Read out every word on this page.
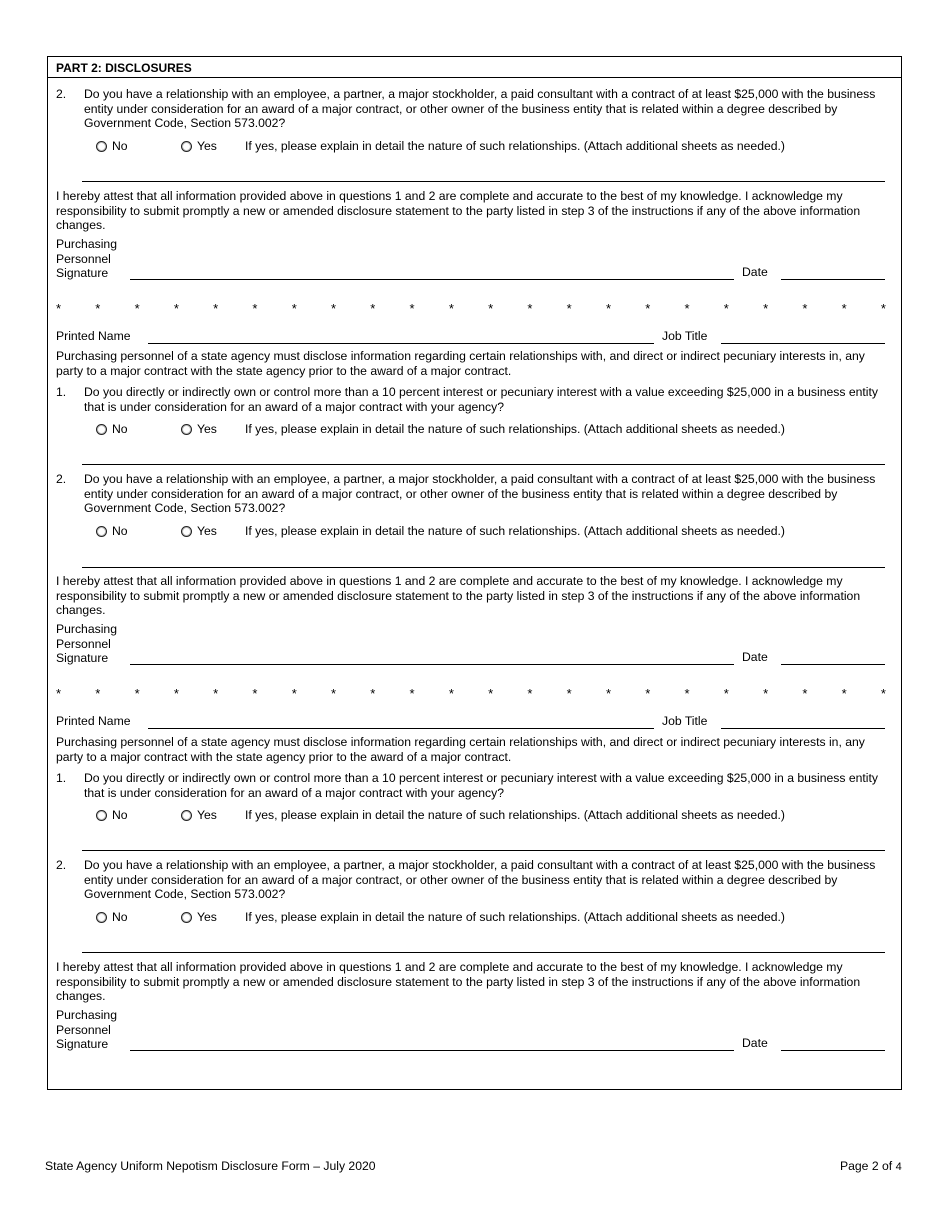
PART 2: DISCLOSURES
2. Do you have a relationship with an employee, a partner, a major stockholder, a paid consultant with a contract of at least $25,000 with the business entity under consideration for an award of a major contract, or other owner of the business entity that is related within a degree described by Government Code, Section 573.002?
No	Yes If yes, please explain in detail the nature of such relationships. (Attach additional sheets as needed.)
I hereby attest that all information provided above in questions 1 and 2 are complete and accurate to the best of my knowledge. I acknowledge my responsibility to submit promptly a new or amended disclosure statement to the party listed in step 3 of the instructions if any of the above information changes.
Purchasing
Personnel
Signature	Date
*	*	*	*	*	*	*	*	*	*	*	*	*	*	*	*	*	*	*	*	*	*
Printed Name	Job Title
Purchasing personnel of a state agency must disclose information regarding certain relationships with, and direct or indirect pecuniary interests in, any party to a major contract with the state agency prior to the award of a major contract.
1. Do you directly or indirectly own or control more than a 10 percent interest or pecuniary interest with a value exceeding $25,000 in a business entity that is under consideration for an award of a major contract with your agency?
No	Yes If yes, please explain in detail the nature of such relationships. (Attach additional sheets as needed.)
2. Do you have a relationship with an employee, a partner, a major stockholder, a paid consultant with a contract of at least $25,000 with the business entity under consideration for an award of a major contract, or other owner of the business entity that is related within a degree described by Government Code, Section 573.002?
No	Yes If yes, please explain in detail the nature of such relationships. (Attach additional sheets as needed.)
I hereby attest that all information provided above in questions 1 and 2 are complete and accurate to the best of my knowledge. I acknowledge my responsibility to submit promptly a new or amended disclosure statement to the party listed in step 3 of the instructions if any of the above information changes.
Purchasing
Personnel
Signature	Date
*	*	*	*	*	*	*	*	*	*	*	*	*	*	*	*	*	*	*	*	*	*
Printed Name	Job Title
Purchasing personnel of a state agency must disclose information regarding certain relationships with, and direct or indirect pecuniary interests in, any party to a major contract with the state agency prior to the award of a major contract.
1. Do you directly or indirectly own or control more than a 10 percent interest or pecuniary interest with a value exceeding $25,000 in a business entity that is under consideration for an award of a major contract with your agency?
No	Yes If yes, please explain in detail the nature of such relationships. (Attach additional sheets as needed.)
2. Do you have a relationship with an employee, a partner, a major stockholder, a paid consultant with a contract of at least $25,000 with the business entity under consideration for an award of a major contract, or other owner of the business entity that is related within a degree described by Government Code, Section 573.002?
No	Yes If yes, please explain in detail the nature of such relationships. (Attach additional sheets as needed.)
I hereby attest that all information provided above in questions 1 and 2 are complete and accurate to the best of my knowledge. I acknowledge my responsibility to submit promptly a new or amended disclosure statement to the party listed in step 3 of the instructions if any of the above information changes.
Purchasing
Personnel
Signature	Date
State Agency Uniform Nepotism Disclosure Form – July 2020	Page 2 of 4
